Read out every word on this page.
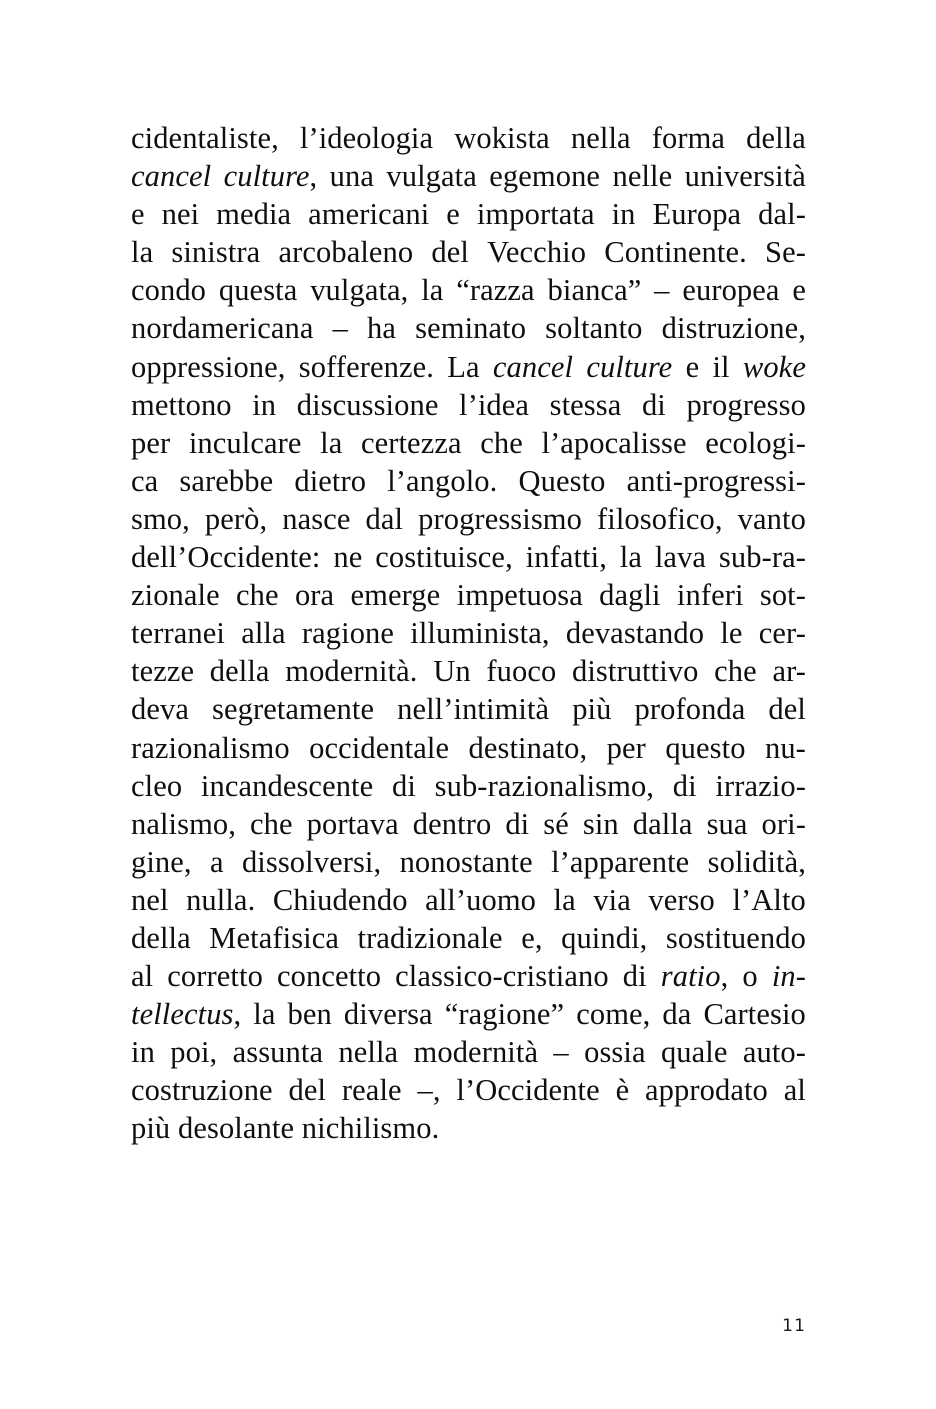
cidentaliste, l’ideologia wokista nella forma della
cancel culture, una vulgata egemone nelle università
e nei media americani e importata in Europa dal-
la sinistra arcobaleno del Vecchio Continente. Se-
condo questa vulgata, la “razza bianca” – europea e
nordamericana – ha seminato soltanto distruzione,
oppressione, sofferenze. La cancel culture e il woke
mettono in discussione l’idea stessa di progresso
per inculcare la certezza che l’apocalisse ecologi-
ca sarebbe dietro l’angolo. Questo anti-progressi-
smo, però, nasce dal progressismo filosofico, vanto
dell’Occidente: ne costituisce, infatti, la lava sub-ra-
zionale che ora emerge impetuosa dagli inferi sot-
terranei alla ragione illuminista, devastando le cer-
tezze della modernità. Un fuoco distruttivo che ar-
deva segretamente nell’intimità più profonda del
razionalismo occidentale destinato, per questo nu-
cleo incandescente di sub-razionalismo, di irrazio-
nalismo, che portava dentro di sé sin dalla sua ori-
gine, a dissolversi, nonostante l’apparente solidità,
nel nulla. Chiudendo all’uomo la via verso l’Alto
della Metafisica tradizionale e, quindi, sostituendo
al corretto concetto classico-cristiano di ratio, o in-
tellectus, la ben diversa “ragione” come, da Cartesio
in poi, assunta nella modernità – ossia quale auto-
costruzione del reale –, l’Occidente è approdato al
più desolante nichilismo.
11
